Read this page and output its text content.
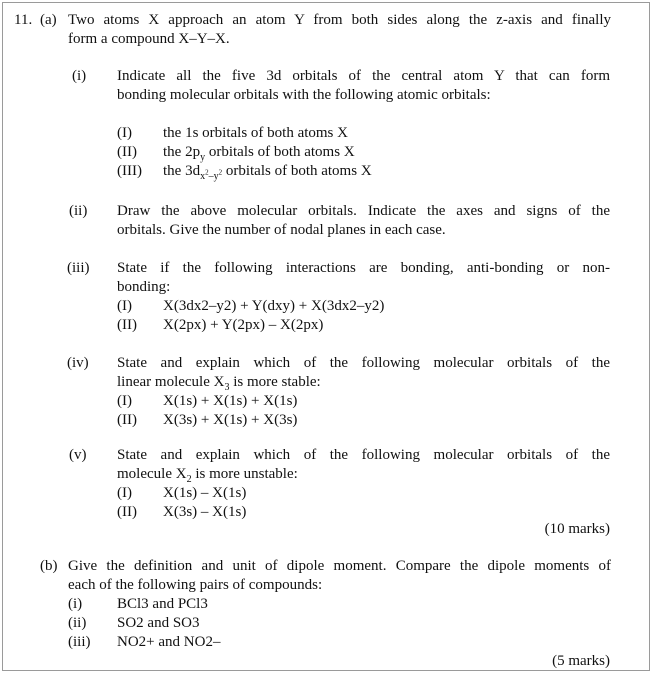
11. (a) Two atoms X approach an atom Y from both sides along the z-axis and finally
form a compound X–Y–X.
(i) Indicate all the five 3d orbitals of the central atom Y that can form
bonding molecular orbitals with the following atomic orbitals:
(I) the 1s orbitals of both atoms X
(II) the $2p_y$ orbitals of both atoms X
(III) the $3d_{x^2-y^2}$ orbitals of both atoms X
(ii) Draw the above molecular orbitals. Indicate the axes and signs of the
orbitals. Give the number of nodal planes in each case.
(iii) State if the following interactions are bonding, anti-bonding or non-
bonding:
(I) X(3dx2–y2) + Y(dxy) + X(3dx2–y2)
(II) X(2px) + Y(2px) – X(2px)
(iv) State and explain which of the following molecular orbitals of the
linear molecule $X_3$ is more stable:
(I) X(1s) + X(1s) + X(1s)
(II) X(3s) + X(1s) + X(3s)
(v) State and explain which of the following molecular orbitals of the
molecule $X_2$ is more unstable:
(I) X(1s) – X(1s)
(II) X(3s) – X(1s)
(10 marks)
(b) Give the definition and unit of dipole moment. Compare the dipole moments of
each of the following pairs of compounds:
(i) BCl3 and PCl3
(ii) SO2 and SO3
(iii) NO2+ and NO2–
(5 marks)
